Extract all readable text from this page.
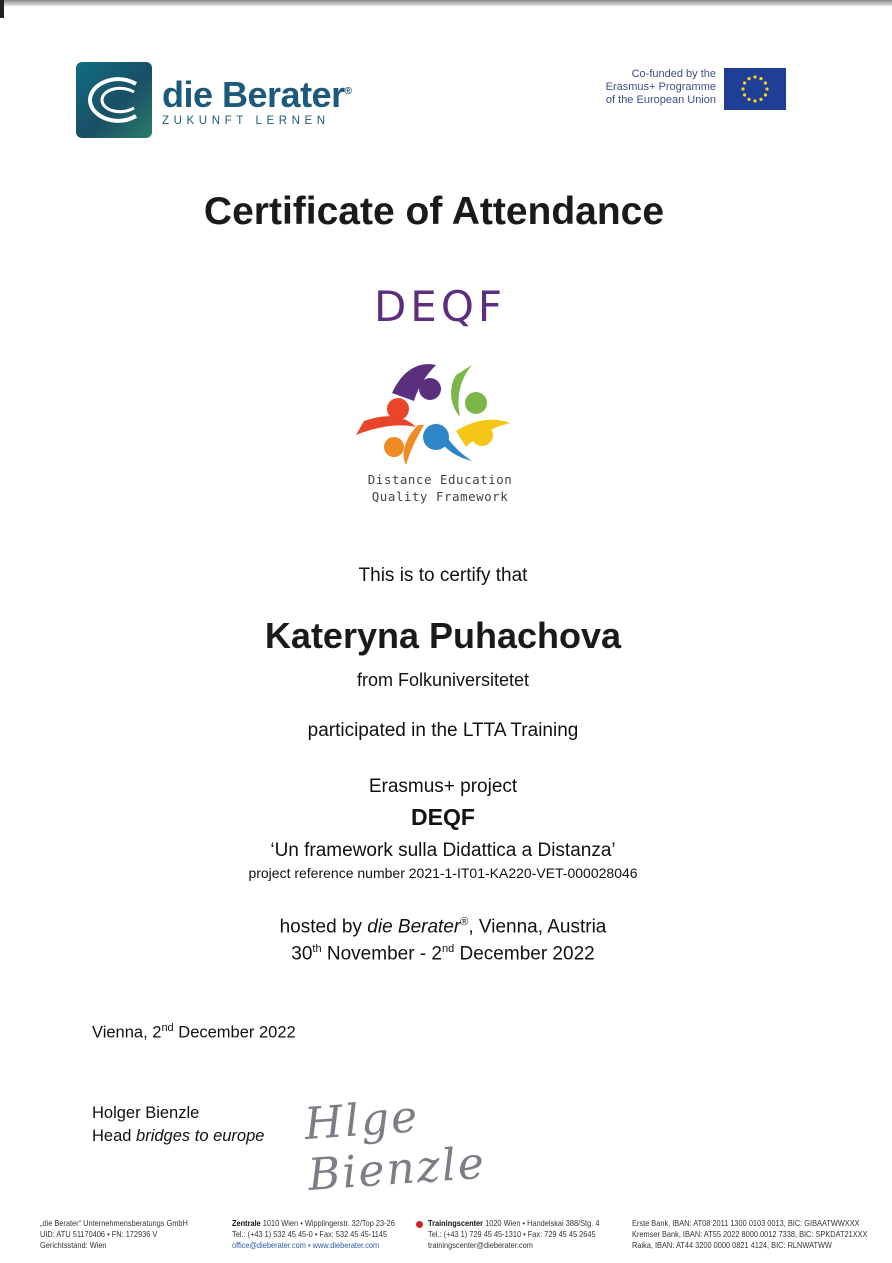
die Berater®
ZUKUNFT LERNEN
Co-funded by the
Erasmus+ Programme
of the European Union
Certificate of Attendance
DEQF
Distance Education
Quality Framework
This is to certify that
Kateryna Puhachova
from Folkuniversitetet
participated in the LTTA Training
Erasmus+ project
DEQF
‘Un framework sulla Didattica a Distanza’
project reference number 2021-1-IT01-KA220-VET-000028046
hosted by die Berater®, Vienna, Austria
30th November - 2nd December 2022
Vienna, 2nd December 2022
Holger Bienzle
Head bridges to europe Hlge Bienzle
„die Berater“ Unternehmensberatungs GmbH
UID: ATU 51170406 • FN: 172936 V
Gerichtsstand: Wien
Zentrale 1010 Wien • Wipplingerstr. 32/Top 23-26
Tel.: (+43 1) 532 45 45-0 • Fax: 532 45 45-1145
office@dieberater.com • www.dieberater.com
Trainingscenter 1020 Wien • Handelskai 388/Stg. 4
Tel.: (+43 1) 729 45 45-1310 • Fax: 729 45 45 2645
trainingscenter@dieberater.com
Erste Bank, IBAN: AT08 2011 1300 0103 0013, BIC: GIBAATWWXXX
Kremser Bank, IBAN: AT55 2022 8000 0012 7338, BIC: SPKDAT21XXX
Raika, IBAN: AT44 3200 0000 0821 4124, BIC: RLNWATWW
